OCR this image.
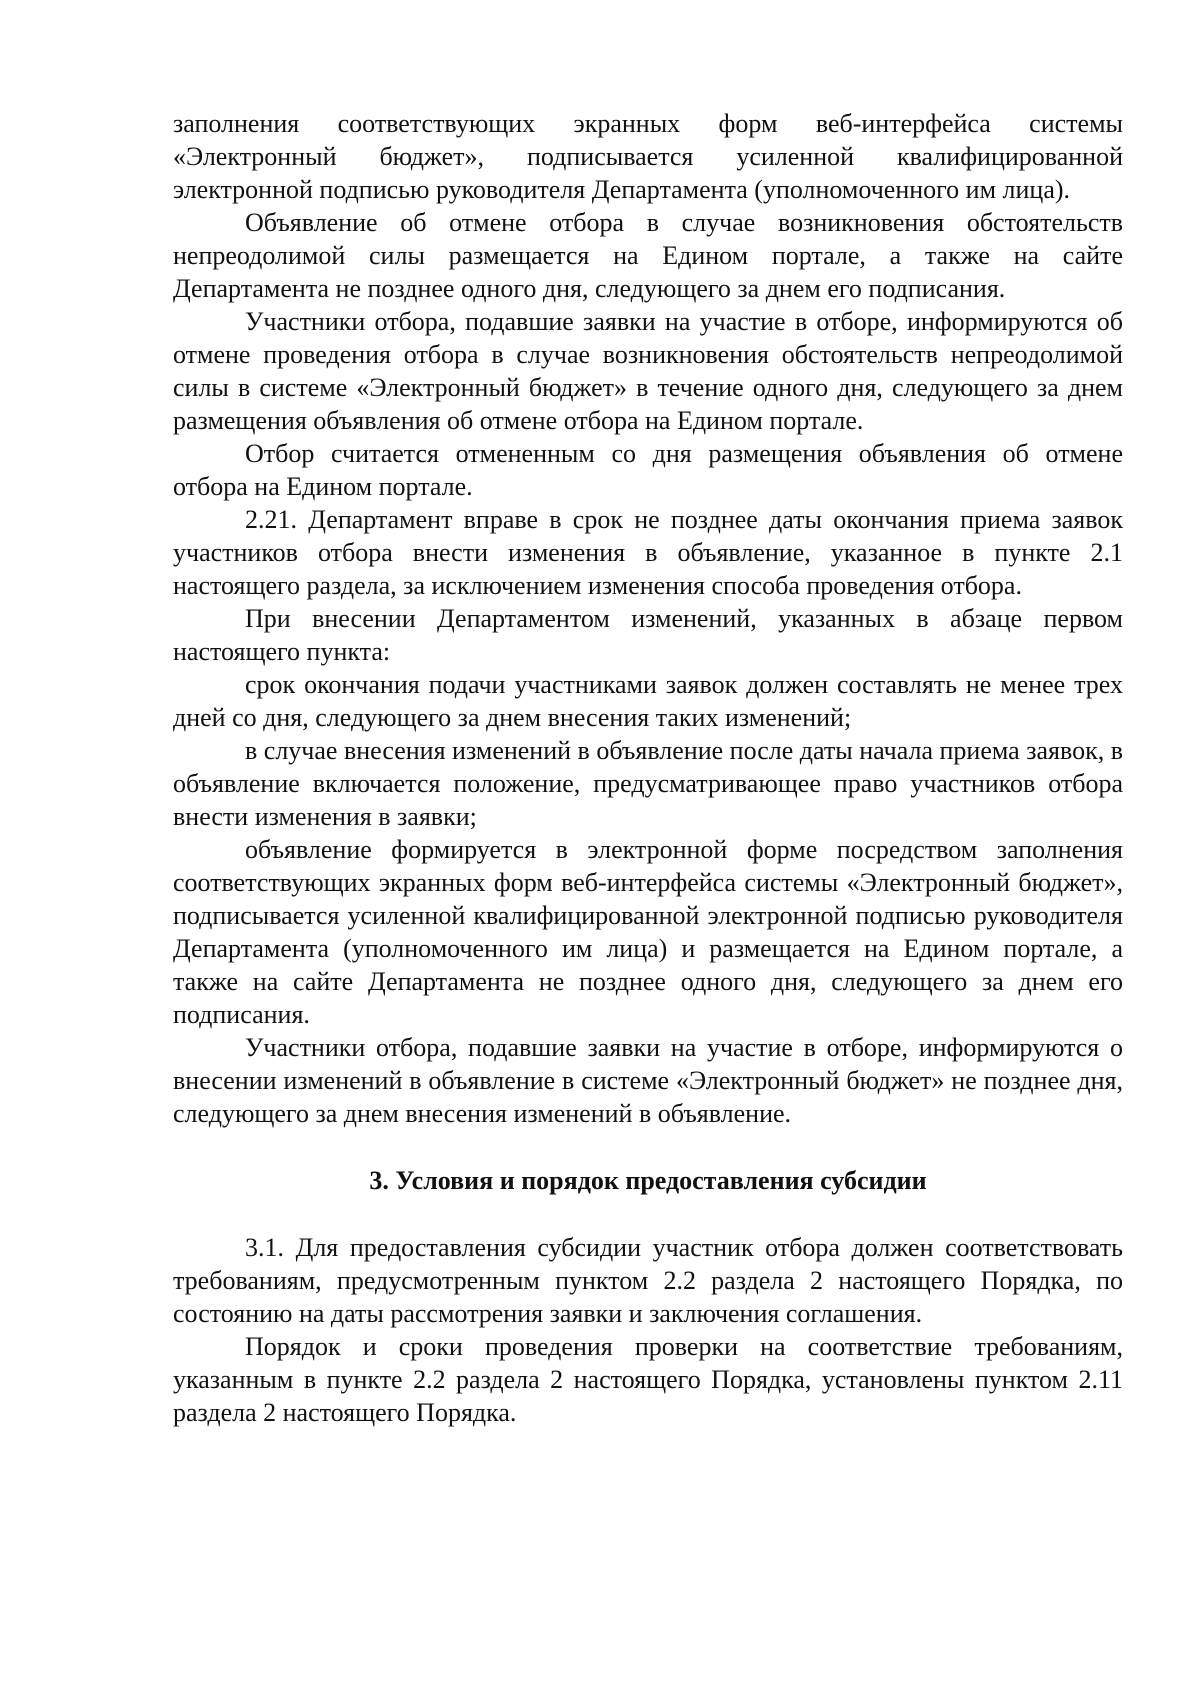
заполнения соответствующих экранных форм веб-интерфейса системы «Электронный бюджет», подписывается усиленной квалифицированной электронной подписью руководителя Департамента (уполномоченного им лица).

Объявление об отмене отбора в случае возникновения обстоятельств непреодолимой силы размещается на Едином портале, а также на сайте Департамента не позднее одного дня, следующего за днем его подписания.

Участники отбора, подавшие заявки на участие в отборе, информируются об отмене проведения отбора в случае возникновения обстоятельств непреодолимой силы в системе «Электронный бюджет» в течение одного дня, следующего за днем размещения объявления об отмене отбора на Едином портале.

Отбор считается отмененным со дня размещения объявления об отмене отбора на Едином портале.

2.21. Департамент вправе в срок не позднее даты окончания приема заявок участников отбора внести изменения в объявление, указанное в пункте 2.1 настоящего раздела, за исключением изменения способа проведения отбора.

При внесении Департаментом изменений, указанных в абзаце первом настоящего пункта:

срок окончания подачи участниками заявок должен составлять не менее трех дней со дня, следующего за днем внесения таких изменений;

в случае внесения изменений в объявление после даты начала приема заявок, в объявление включается положение, предусматривающее право участников отбора внести изменения в заявки;

объявление формируется в электронной форме посредством заполнения соответствующих экранных форм веб-интерфейса системы «Электронный бюджет», подписывается усиленной квалифицированной электронной подписью руководителя Департамента (уполномоченного им лица) и размещается на Едином портале, а также на сайте Департамента не позднее одного дня, следующего за днем его подписания.

Участники отбора, подавшие заявки на участие в отборе, информируются о внесении изменений в объявление в системе «Электронный бюджет» не позднее дня, следующего за днем внесения изменений в объявление.

3. Условия и порядок предоставления субсидии

3.1. Для предоставления субсидии участник отбора должен соответствовать требованиям, предусмотренным пунктом 2.2 раздела 2 настоящего Порядка, по состоянию на даты рассмотрения заявки и заключения соглашения.

Порядок и сроки проведения проверки на соответствие требованиям, указанным в пункте 2.2 раздела 2 настоящего Порядка, установлены пунктом 2.11 раздела 2 настоящего Порядка.
